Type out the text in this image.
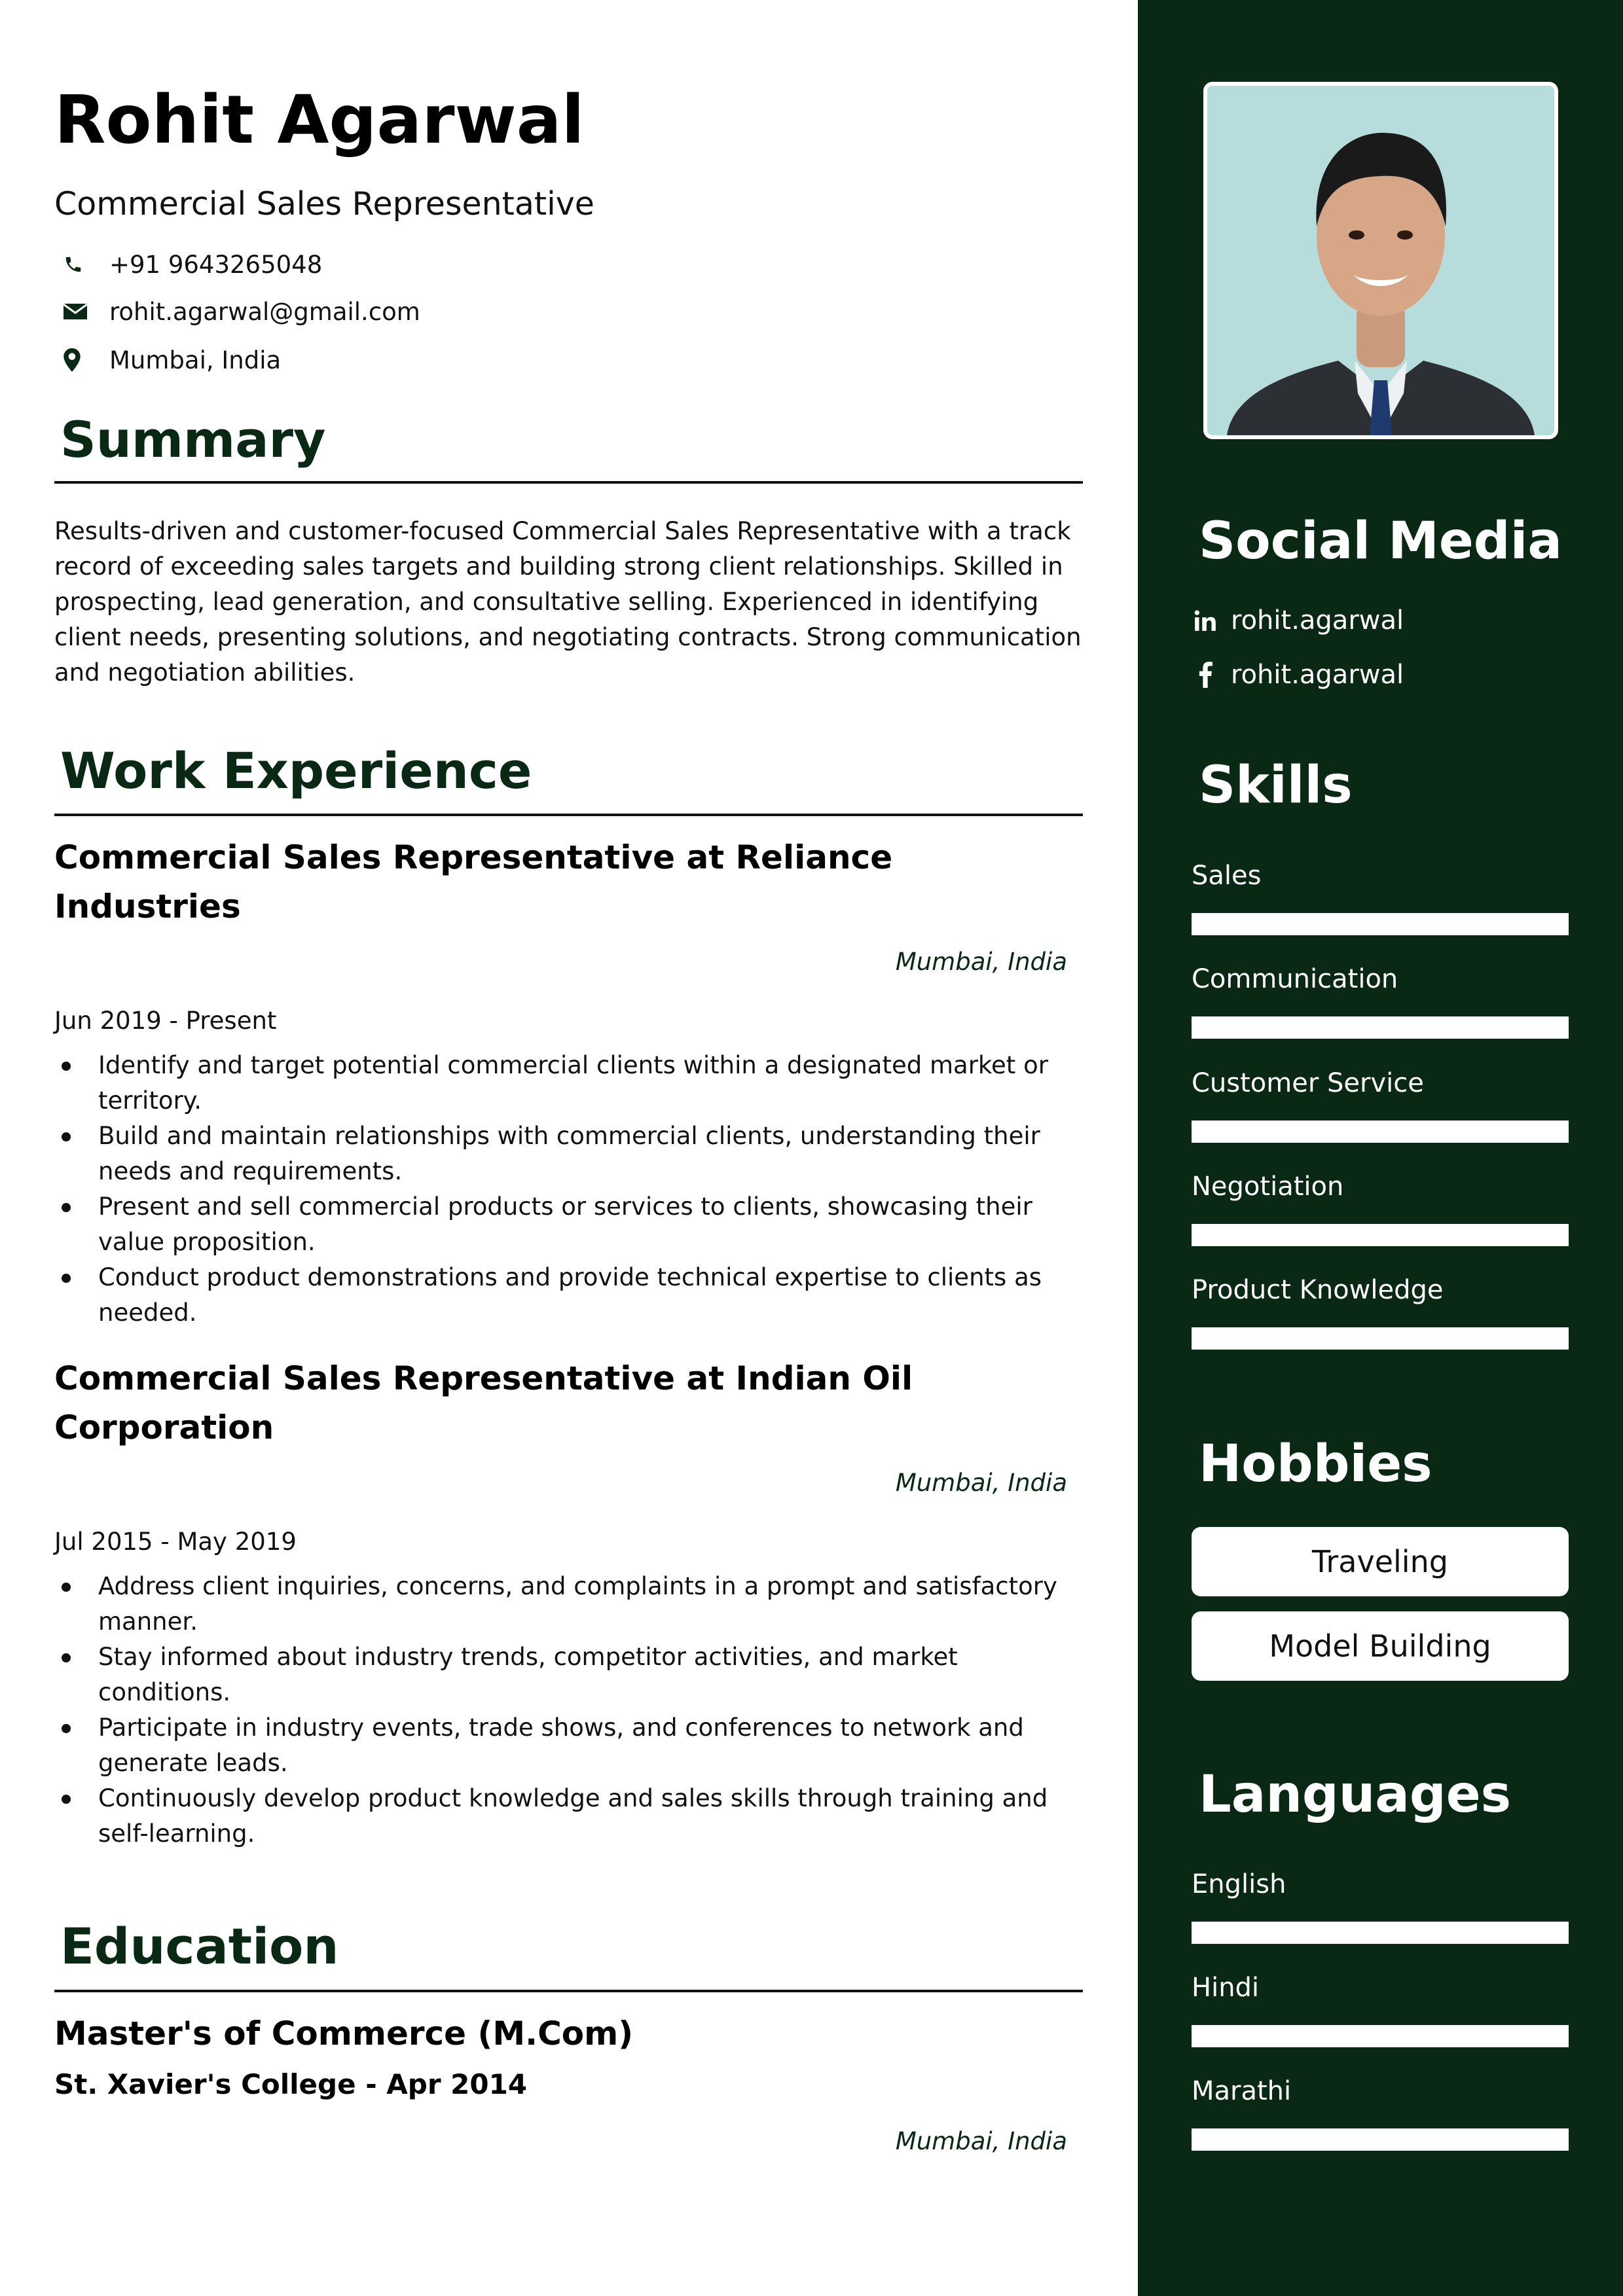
Rohit Agarwal
Commercial Sales Representative
+91 9643265048
rohit.agarwal@gmail.com
Mumbai, India
Summary
Results-driven and customer-focused Commercial Sales Representative with a track record of exceeding sales targets and building strong client relationships. Skilled in prospecting, lead generation, and consultative selling. Experienced in identifying client needs, presenting solutions, and negotiating contracts. Strong communication and negotiation abilities.
Work Experience
Commercial Sales Representative at Reliance Industries
Mumbai, India
Jun 2019 - Present
Identify and target potential commercial clients within a designated market or territory.
Build and maintain relationships with commercial clients, understanding their needs and requirements.
Present and sell commercial products or services to clients, showcasing their value proposition.
Conduct product demonstrations and provide technical expertise to clients as needed.
Commercial Sales Representative at Indian Oil Corporation
Mumbai, India
Jul 2015 - May 2019
Address client inquiries, concerns, and complaints in a prompt and satisfactory manner.
Stay informed about industry trends, competitor activities, and market conditions.
Participate in industry events, trade shows, and conferences to network and generate leads.
Continuously develop product knowledge and sales skills through training and self-learning.
Education
Master's of Commerce (M.Com)
St. Xavier's College - Apr 2014
Mumbai, India
Social Media
rohit.agarwal
rohit.agarwal
Skills
Sales
Communication
Customer Service
Negotiation
Product Knowledge
Hobbies
Traveling
Model Building
Languages
English
Hindi
Marathi
